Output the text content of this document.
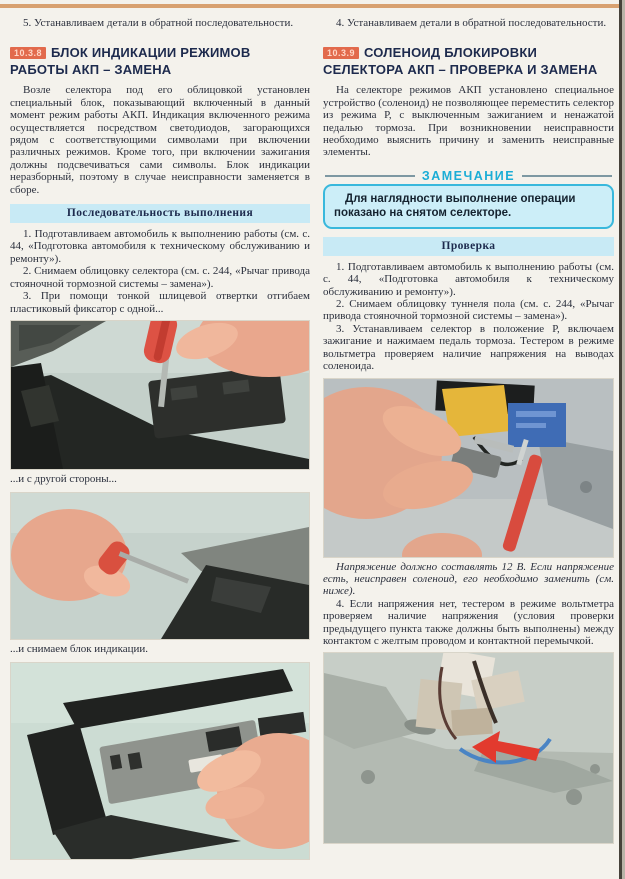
5. Устанавливаем детали в обратной последовательности.

10.3.8 БЛОК ИНДИКАЦИИ РЕЖИМОВ РАБОТЫ АКП – ЗАМЕНА

Возле селектора под его облицовкой установлен специальный блок, показывающий включенный в данный момент режим работы АКП. Индикация включенного режима осуществляется посредством светодиодов, загорающихся рядом с соответствующими символами при включении различных режимов. Кроме того, при включении зажигания должны подсвечиваться сами символы. Блок индикации неразборный, поэтому в случае неисправности заменяется в сборе.

Последовательность выполнения

1. Подготавливаем автомобиль к выполнению работы (см. с. 44, «Подготовка автомобиля к техническому обслуживанию и ремонту»).

2. Снимаем облицовку селектора (см. с. 244, «Рычаг привода стояночной тормозной системы – замена»).

3. При помощи тонкой шлицевой отвертки отгибаем пластиковый фиксатор с одной...

...и с другой стороны...

...и снимаем блок индикации.

4. Устанавливаем детали в обратной последовательности.

10.3.9 СОЛЕНОИД БЛОКИРОВКИ СЕЛЕКТОРА АКП – ПРОВЕРКА И ЗАМЕНА

На селекторе режимов АКП установлено специальное устройство (соленоид) не позволяющее переместить селектор из режима Р, с выключенным зажиганием и ненажатой педалью тормоза. При возникновении неисправности необходимо выяснить причину и заменить неисправные элементы.

ЗАМЕЧАНИЕ
Для наглядности выполнение операции показано на снятом селекторе.
Проверка

1. Подготавливаем автомобиль к выполнению работы (см. с. 44, «Подготовка автомобиля к техническому обслуживанию и ремонту»).

2. Снимаем облицовку туннеля пола (см. с. 244, «Рычаг привода стояночной тормозной системы – замена»).

3. Устанавливаем селектор в положение Р, включаем зажигание и нажимаем педаль тормоза. Тестером в режиме вольтметра проверяем наличие напряжения на выводах соленоида.

Напряжение должно составлять 12 В. Если напряжение есть, неисправен соленоид, его необходимо заменить (см. ниже).

4. Если напряжения нет, тестером в режиме вольтметра проверяем наличие напряжения (условия проверки предыдущего пункта также должны быть выполнены) между контактом с желтым проводом и контактной перемычкой.
